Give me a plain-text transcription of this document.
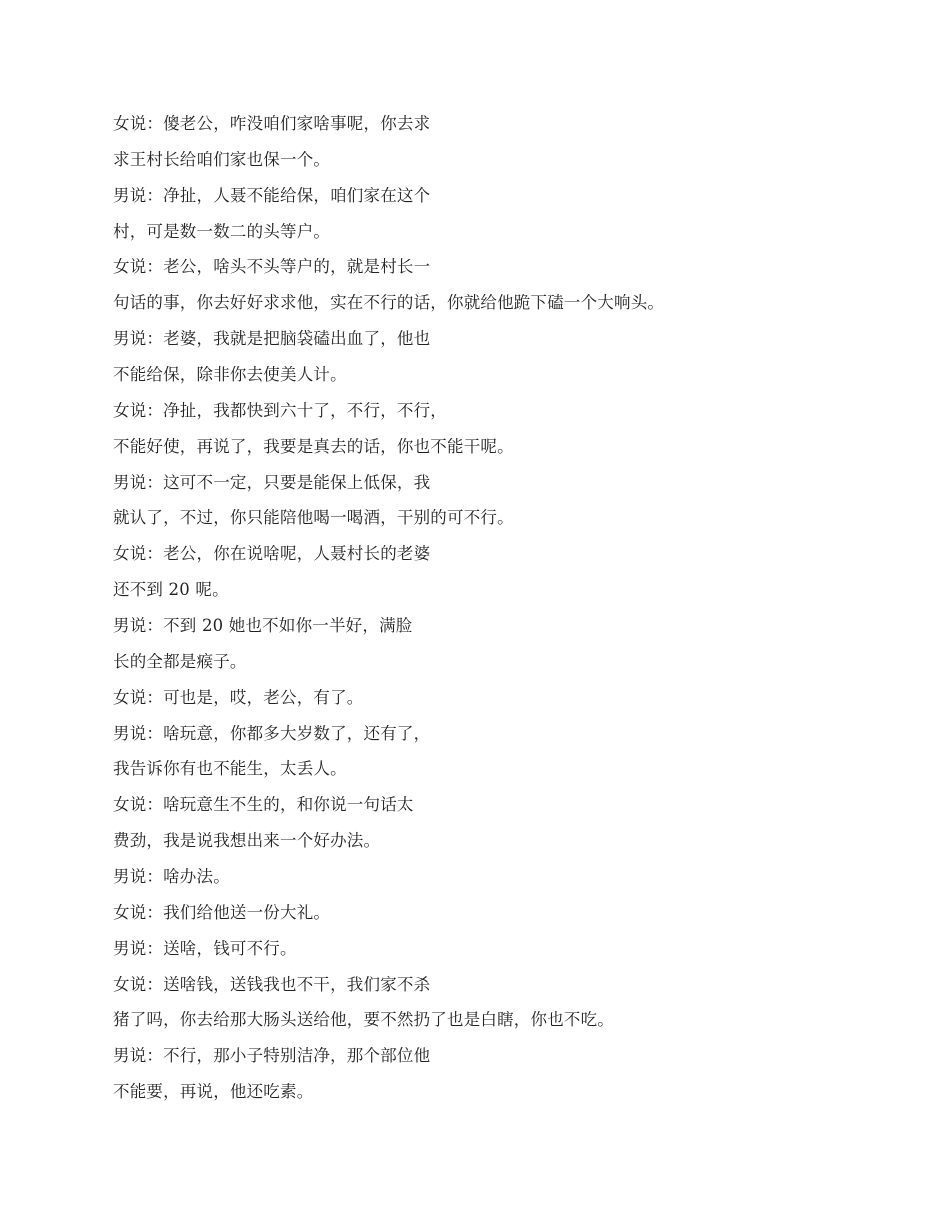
女说：傻老公，咋没咱们家啥事呢，你去求
求王村长给咱们家也保一个。
男说：净扯，人聂不能给保，咱们家在这个
村，可是数一数二的头等户。
女说：老公，啥头不头等户的，就是村长一
句话的事，你去好好求求他，实在不行的话，你就给他跪下磕一个大响头。
男说：老婆，我就是把脑袋磕出血了，他也
不能给保，除非你去使美人计。
女说：净扯，我都快到六十了，不行，不行，
不能好使，再说了，我要是真去的话，你也不能干呢。
男说：这可不一定，只要是能保上低保，我
就认了，不过，你只能陪他喝一喝酒，干别的可不行。
女说：老公，你在说啥呢，人聂村长的老婆
还不到 20 呢。
男说：不到 20 她也不如你一半好，满脸
长的全都是瘊子。
女说：可也是，哎，老公，有了。
男说：啥玩意，你都多大岁数了，还有了，
我告诉你有也不能生，太丢人。
女说：啥玩意生不生的，和你说一句话太
费劲，我是说我想出来一个好办法。
男说：啥办法。
女说：我们给他送一份大礼。
男说：送啥，钱可不行。
女说：送啥钱，送钱我也不干，我们家不杀
猪了吗，你去给那大肠头送给他，要不然扔了也是白瞎，你也不吃。
男说：不行，那小子特别洁净，那个部位他
不能要，再说，他还吃素。
